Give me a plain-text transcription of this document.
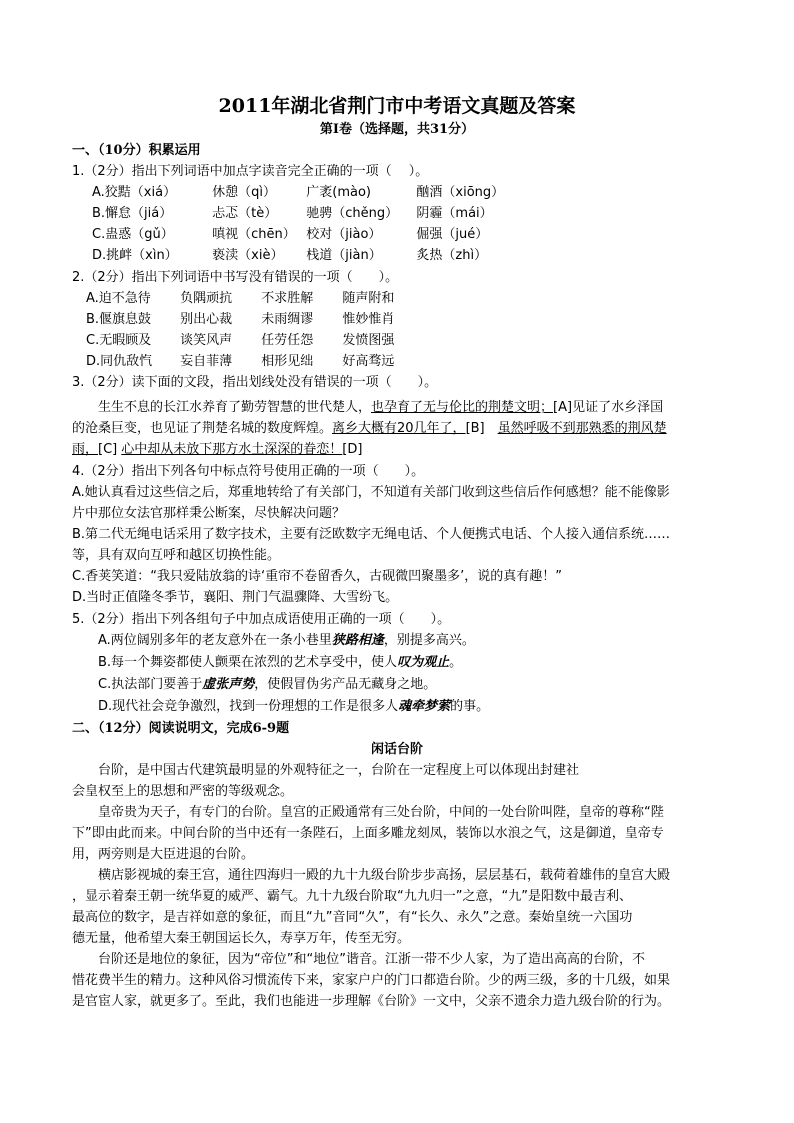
2011年湖北省荆门市中考语文真题及答案
第Ⅰ卷（选择题，共31分）
一、（10分）积累运用
1.（2分）指出下列词语中加点字读音完全正确的一项（　 ）。
A.狡黠（xiá）	休憩（qì） 广袤(mào)	酗酒（xiōng）
B.懈怠（jiá）	忐忑（tè） 驰骋（chěng） 阴霾（mái）
C.蛊惑（gǔ）	嗔视（chēn） 校对（jiào）	倔强（jué）
D.挑衅（xìn）	亵渎（xiè） 栈道（jiàn）	炙热（zhì）
2.（2分）指出下列词语中书写没有错误的一项（　　）。
A.迫不急待 负隅顽抗 不求胜解 随声附和
B.偃旗息鼓 别出心裁 未雨绸谬 惟妙惟肖
C.无暇顾及 谈笑风声 任劳任怨 发愤图强
D.同仇敌忾 妄自菲薄 相形见绌 好高骛远
3.（2分）读下面的文段，指出划线处没有错误的一项（　　）。
生生不息的长江水养育了勤劳智慧的世代楚人，也孕育了无与伦比的荆楚文明；[A]见证了水乡泽国
的沧桑巨变，也见证了荆楚名城的数度辉煌。离乡大概有20几年了，[B]　虽然呼吸不到那熟悉的荆风楚
雨，[C] 心中却从未放下那方水土深深的眷恋！[D]
4.（2分）指出下列各句中标点符号使用正确的一项（　　）。
A.她认真看过这些信之后，郑重地转给了有关部门，不知道有关部门收到这些信后作何感想？能不能像影
片中那位女法官那样秉公断案，尽快解决问题？
B.第二代无绳电话采用了数字技术，主要有泛欧数字无绳电话、个人便携式电话、个人接入通信系统……
等，具有双向互呼和越区切换性能。
C.香荚笑道：“我只爱陆放翁的诗‘重帘不卷留香久，古砚微凹聚墨多’，说的真有趣！”
D.当时正值隆冬季节，襄阳、荆门气温骤降、大雪纷飞。
5.（2分）指出下列各组句子中加点成语使用正确的一项（　　）。
A.两位阔别多年的老友意外在一条小巷里狭路相逢，别提多高兴。
B.每一个舞姿都使人颤栗在浓烈的艺术享受中，使人叹为观止。
C.执法部门要善于虚张声势，使假冒伪劣产品无藏身之地。
D.现代社会竞争激烈，找到一份理想的工作是很多人魂牵梦萦的事。
二、（12分）阅读说明文，完成6-9题
闲话台阶
　　台阶，是中国古代建筑最明显的外观特征之一，台阶在一定程度上可以体现出封建社
会皇权至上的思想和严密的等级观念。
　　皇帝贵为天子，有专门的台阶。皇宫的正殿通常有三处台阶，中间的一处台阶叫陛，皇帝的尊称“陛
下”即由此而来。中间台阶的当中还有一条陛石，上面多雕龙刻凤，装饰以水浪之气，这是御道，皇帝专
用，两旁则是大臣进退的台阶。
　　横店影视城的秦王宫，通往四海归一殿的九十九级台阶步步高扬，层层基石，载荷着雄伟的皇宫大殿
，显示着秦王朝一统华夏的威严、霸气。九十九级台阶取“九九归一”之意，“九”是阳数中最吉利、
最高位的数字，是吉祥如意的象征，而且“九”音同“久”，有“长久、永久”之意。秦始皇统一六国功
德无量，他希望大秦王朝国运长久，寿享万年，传至无穷。
　　台阶还是地位的象征，因为“帝位”和“地位”谐音。江浙一带不少人家，为了造出高高的台阶，不
惜花费半生的精力。这种风俗习惯流传下来，家家户户的门口都造台阶。少的两三级，多的十几级，如果
是官宦人家，就更多了。至此，我们也能进一步理解《台阶》一文中，父亲不遗余力造九级台阶的行为。
